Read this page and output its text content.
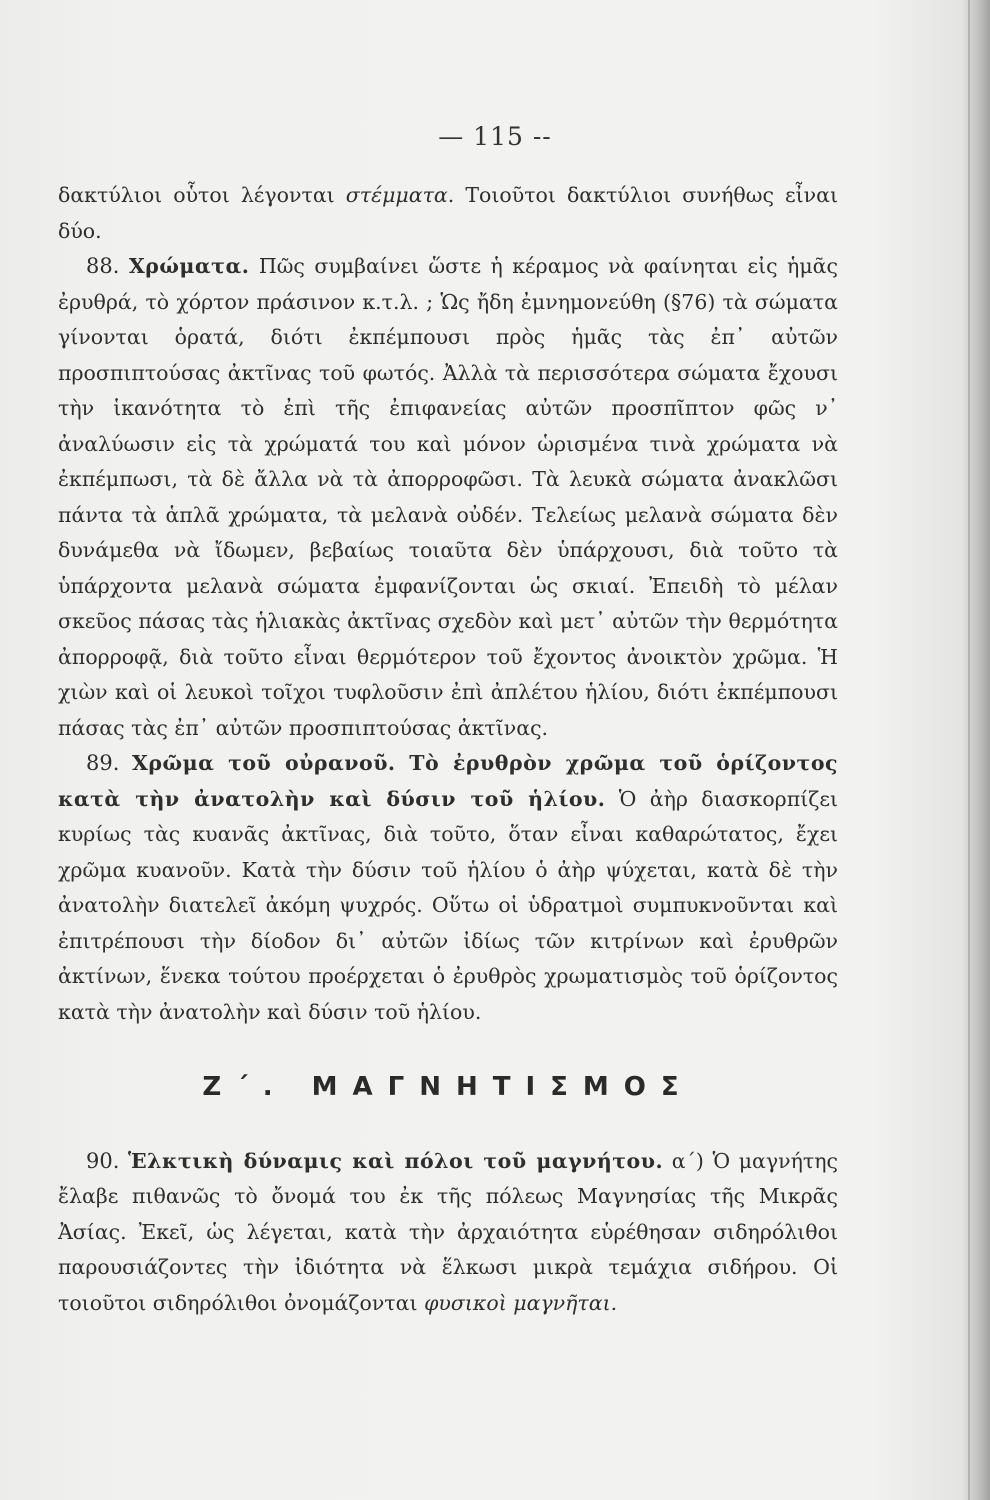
— 115 --

δακτύλιοι οὗτοι λέγονται στέμματα. Τοιοῦτοι δακτύλιοι συνήθως εἶναι δύο.

88. Χρώματα. Πῶς συμβαίνει ὥστε ἡ κέραμος νὰ φαίνηται εἰς ἡμᾶς ἐρυθρά, τὸ χόρτον πράσινον κ.τ.λ. ; Ὡς ἤδη ἐμνημονεύθη (§76) τὰ σώματα γίνονται ὁρατά, διότι ἐκπέμπουσι πρὸς ἡμᾶς τὰς ἐπ᾿ αὐτῶν προσπιπτούσας ἀκτῖνας τοῦ φωτός. Ἀλλὰ τὰ περισσότερα σώματα ἔχουσι τὴν ἱκανότητα τὸ ἐπὶ τῆς ἐπιφανείας αὐτῶν προσπῖπτον φῶς ν᾿ ἀναλύωσιν εἰς τὰ χρώματά του καὶ μόνον ὡρισμένα τινὰ χρώματα νὰ ἐκπέμπωσι, τὰ δὲ ἄλλα νὰ τὰ ἀπορροφῶσι. Τὰ λευκὰ σώματα ἀνακλῶσι πάντα τὰ ἁπλᾶ χρώματα, τὰ μελανὰ οὐδέν. Τελείως μελανὰ σώματα δὲν δυνάμεθα νὰ ἴδωμεν, βεβαίως τοιαῦτα δὲν ὑπάρχουσι, διὰ τοῦτο τὰ ὑπάρχοντα μελανὰ σώματα ἐμφανίζονται ὡς σκιαί. Ἐπειδὴ τὸ μέλαν σκεῦος πάσας τὰς ἡλιακὰς ἀκτῖνας σχεδὸν καὶ μετ᾿ αὐτῶν τὴν θερμότητα ἀπορροφᾷ, διὰ τοῦτο εἶναι θερμότερον τοῦ ἔχοντος ἀνοικτὸν χρῶμα. Ἡ χιὼν καὶ οἱ λευκοὶ τοῖχοι τυφλοῦσιν ἐπὶ ἀπλέτου ἡλίου, διότι ἐκπέμπουσι πάσας τὰς ἐπ᾿ αὐτῶν προσπιπτούσας ἀκτῖνας.

89. Χρῶμα τοῦ οὐρανοῦ. Τὸ ἐρυθρὸν χρῶμα τοῦ ὁρίζοντος κατὰ τὴν ἀνατολὴν καὶ δύσιν τοῦ ἡλίου. Ὁ ἀὴρ διασκορπίζει κυρίως τὰς κυανᾶς ἀκτῖνας, διὰ τοῦτο, ὅταν εἶναι καθαρώτατος, ἔχει χρῶμα κυανοῦν. Κατὰ τὴν δύσιν τοῦ ἡλίου ὁ ἀὴρ ψύχεται, κατὰ δὲ τὴν ἀνατολὴν διατελεῖ ἀκόμη ψυχρός. Οὕτω οἱ ὑδρατμοὶ συμπυκνοῦνται καὶ ἐπιτρέπουσι τὴν δίοδον δι᾿ αὐτῶν ἰδίως τῶν κιτρίνων καὶ ἐρυθρῶν ἀκτίνων, ἕνεκα τούτου προέρχεται ὁ ἐρυθρὸς χρωματισμὸς τοῦ ὁρίζοντος κατὰ τὴν ἀνατολὴν καὶ δύσιν τοῦ ἡλίου.

Ζ΄. ΜΑΓΝΗΤΙΣΜΟΣ

90. Ἑλκτικὴ δύναμις καὶ πόλοι τοῦ μαγνήτου. α΄) Ὁ μαγνήτης ἔλαβε πιθανῶς τὸ ὄνομά του ἐκ τῆς πόλεως Μαγνησίας τῆς Μικρᾶς Ἀσίας. Ἐκεῖ, ὡς λέγεται, κατὰ τὴν ἀρχαιότητα εὑρέθησαν σιδηρόλιθοι παρουσιάζοντες τὴν ἰδιότητα νὰ ἕλκωσι μικρὰ τεμάχια σιδήρου. Οἱ τοιοῦτοι σιδηρόλιθοι ὀνομάζονται φυσικοὶ μαγνῆται.
